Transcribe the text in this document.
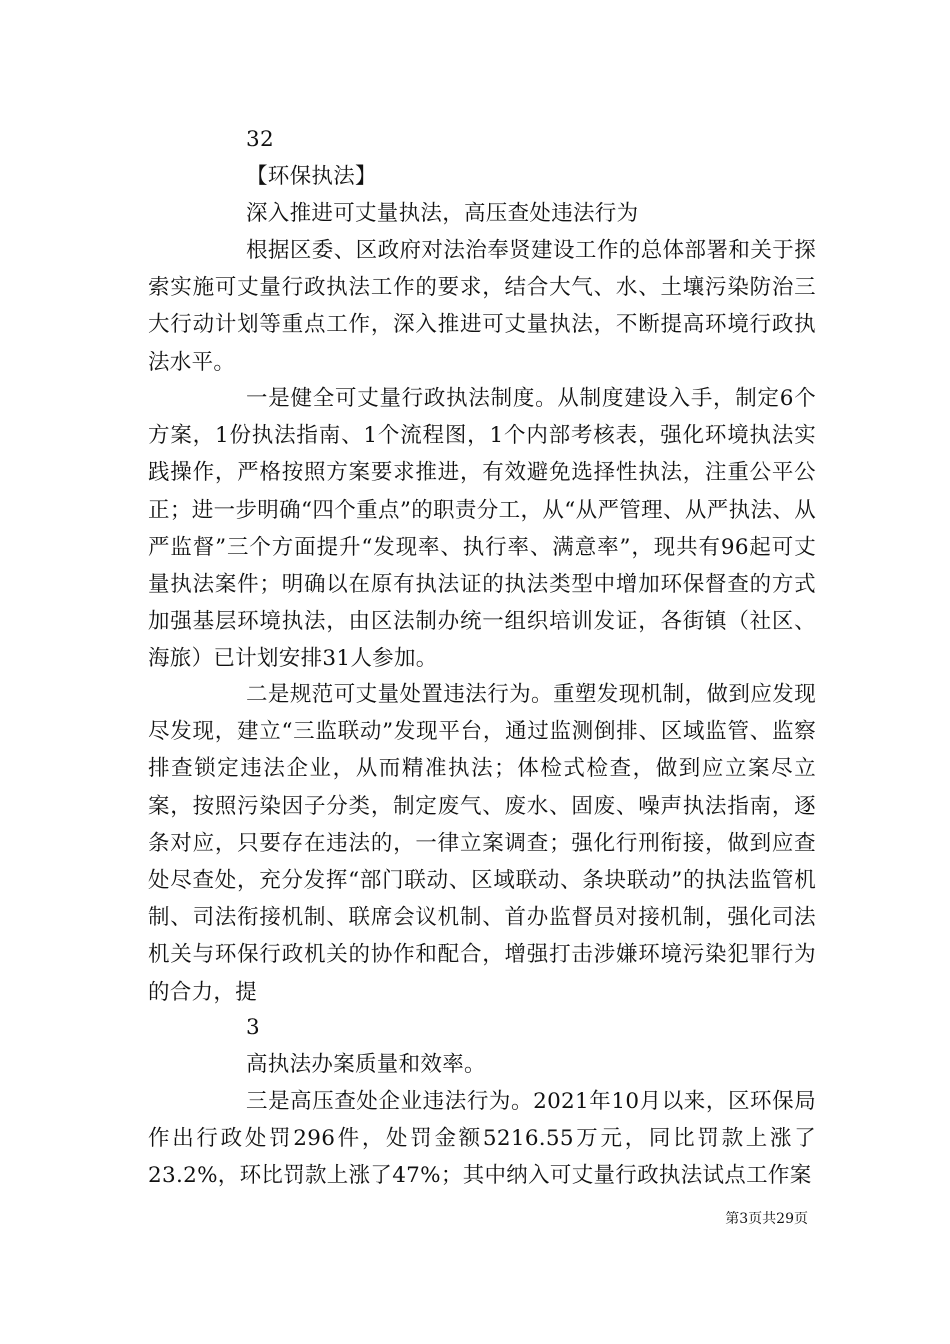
32

【环保执法】

深入推进可丈量执法，高压查处违法行为

根据区委、区政府对法治奉贤建设工作的总体部署和关于探索实施可丈量行政执法工作的要求，结合大气、水、土壤污染防治三大行动计划等重点工作，深入推进可丈量执法，不断提高环境行政执法水平。

一是健全可丈量行政执法制度。从制度建设入手，制定6个方案，1份执法指南、1个流程图，1个内部考核表，强化环境执法实践操作，严格按照方案要求推进，有效避免选择性执法，注重公平公正；进一步明确“四个重点”的职责分工，从“从严管理、从严执法、从严监督”三个方面提升“发现率、执行率、满意率”，现共有96起可丈量执法案件；明确以在原有执法证的执法类型中增加环保督查的方式加强基层环境执法，由区法制办统一组织培训发证，各街镇（社区、海旅）已计划安排31人参加。

二是规范可丈量处置违法行为。重塑发现机制，做到应发现尽发现，建立“三监联动”发现平台，通过监测倒排、区域监管、监察排查锁定违法企业，从而精准执法；体检式检查，做到应立案尽立案，按照污染因子分类，制定废气、废水、固废、噪声执法指南，逐条对应，只要存在违法的，一律立案调查；强化行刑衔接，做到应查处尽查处，充分发挥“部门联动、区域联动、条块联动”的执法监管机制、司法衔接机制、联席会议机制、首办监督员对接机制，强化司法机关与环保行政机关的协作和配合，增强打击涉嫌环境污染犯罪行为的合力，提

3

高执法办案质量和效率。

三是高压查处企业违法行为。2021年10月以来，区环保局作出行政处罚296件，处罚金额5216.55万元，同比罚款上涨了23.2%，环比罚款上涨了47%；其中纳入可丈量行政执法试点工作案

第3页共29页
